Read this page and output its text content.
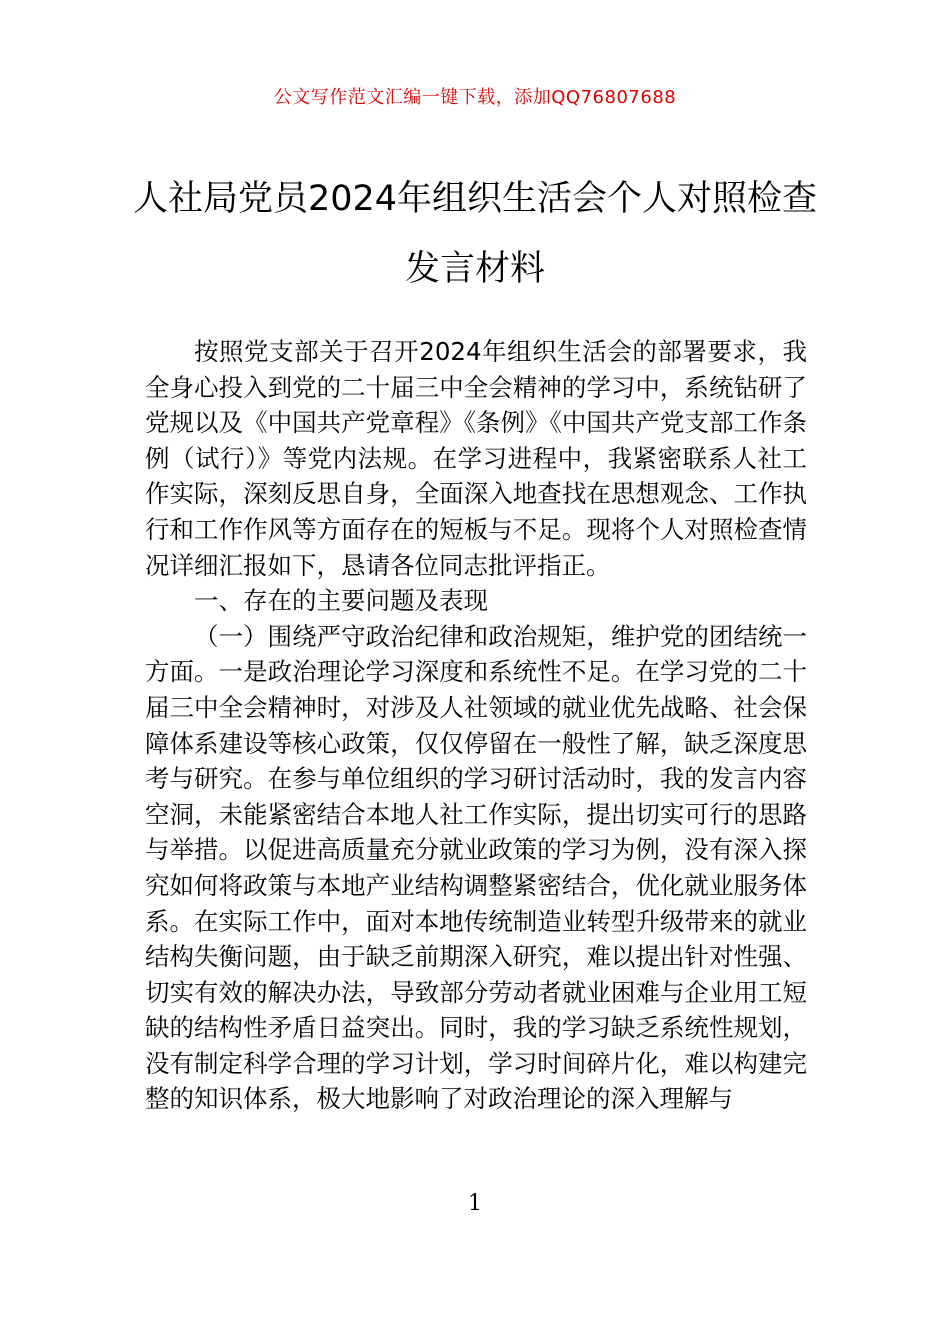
公文写作范文汇编一键下载，添加QQ76807688
人社局党员2024年组织生活会个人对照检查发言材料

按照党支部关于召开2024年组织生活会的部署要求，我全身心投入到党的二十届三中全会精神的学习中，系统钻研了党规以及《中国共产党章程》《条例》《中国共产党支部工作条例（试行）》等党内法规。在学习进程中，我紧密联系人社工作实际，深刻反思自身，全面深入地查找在思想观念、工作执行和工作作风等方面存在的短板与不足。现将个人对照检查情况详细汇报如下，恳请各位同志批评指正。

一、存在的主要问题及表现

（一）围绕严守政治纪律和政治规矩，维护党的团结统一方面。一是政治理论学习深度和系统性不足。在学习党的二十届三中全会精神时，对涉及人社领域的就业优先战略、社会保障体系建设等核心政策，仅仅停留在一般性了解，缺乏深度思考与研究。在参与单位组织的学习研讨活动时，我的发言内容空洞，未能紧密结合本地人社工作实际，提出切实可行的思路与举措。以促进高质量充分就业政策的学习为例，没有深入探究如何将政策与本地产业结构调整紧密结合，优化就业服务体系。在实际工作中，面对本地传统制造业转型升级带来的就业结构失衡问题，由于缺乏前期深入研究，难以提出针对性强、切实有效的解决办法，导致部分劳动者就业困难与企业用工短缺的结构性矛盾日益突出。同时，我的学习缺乏系统性规划，没有制定科学合理的学习计划，学习时间碎片化，难以构建完整的知识体系，极大地影响了对政治理论的深入理解与

1
